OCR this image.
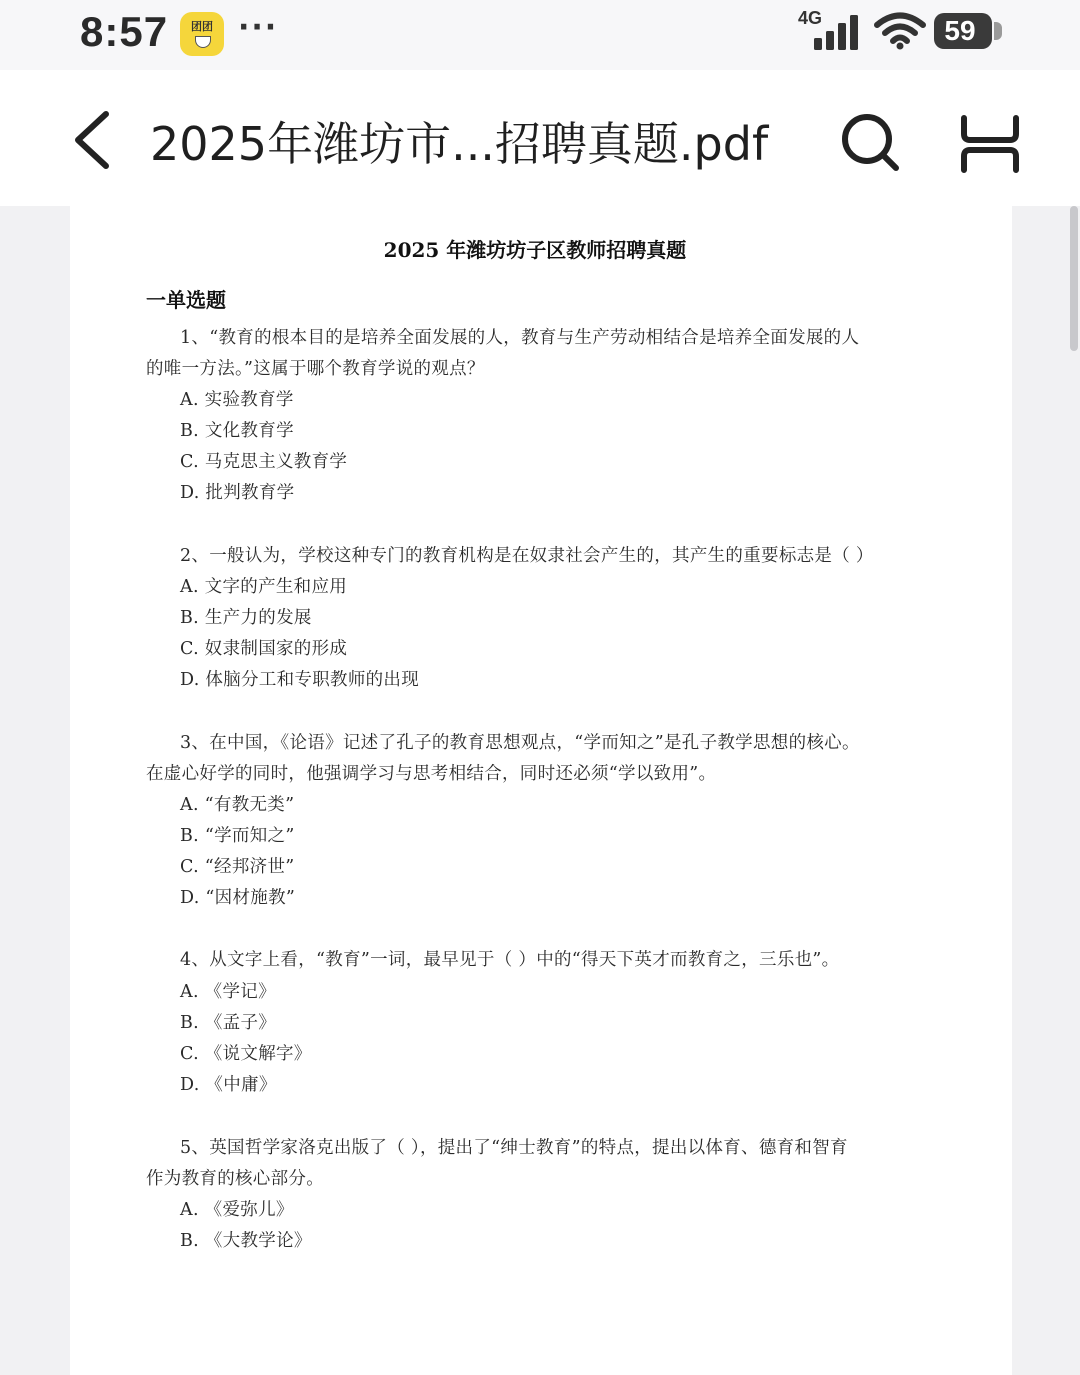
8:57	团团 ···	4G	59
2025年潍坊市...招聘真题.pdf
2025 年潍坊坊子区教师招聘真题
一单选题
1、“教育的根本目的是培养全面发展的人，教育与生产劳动相结合是培养全面发展的人
的唯一方法。”这属于哪个教育学说的观点？
A. 实验教育学
B. 文化教育学
C. 马克思主义教育学
D. 批判教育学
2、一般认为，学校这种专门的教育机构是在奴隶社会产生的，其产生的重要标志是（ ）
A. 文字的产生和应用
B. 生产力的发展
C. 奴隶制国家的形成
D. 体脑分工和专职教师的出现
3、在中国，《论语》记述了孔子的教育思想观点，“学而知之”是孔子教学思想的核心。
在虚心好学的同时，他强调学习与思考相结合，同时还必须“学以致用”。
A. “有教无类”
B. “学而知之”
C. “经邦济世”
D. “因材施教”
4、从文字上看，“教育”一词，最早见于（ ）中的“得天下英才而教育之，三乐也”。
A. 《学记》
B. 《孟子》
C. 《说文解字》
D. 《中庸》
5、英国哲学家洛克出版了（ ），提出了“绅士教育”的特点，提出以体育、德育和智育
作为教育的核心部分。
A. 《爱弥儿》
B. 《大教学论》
